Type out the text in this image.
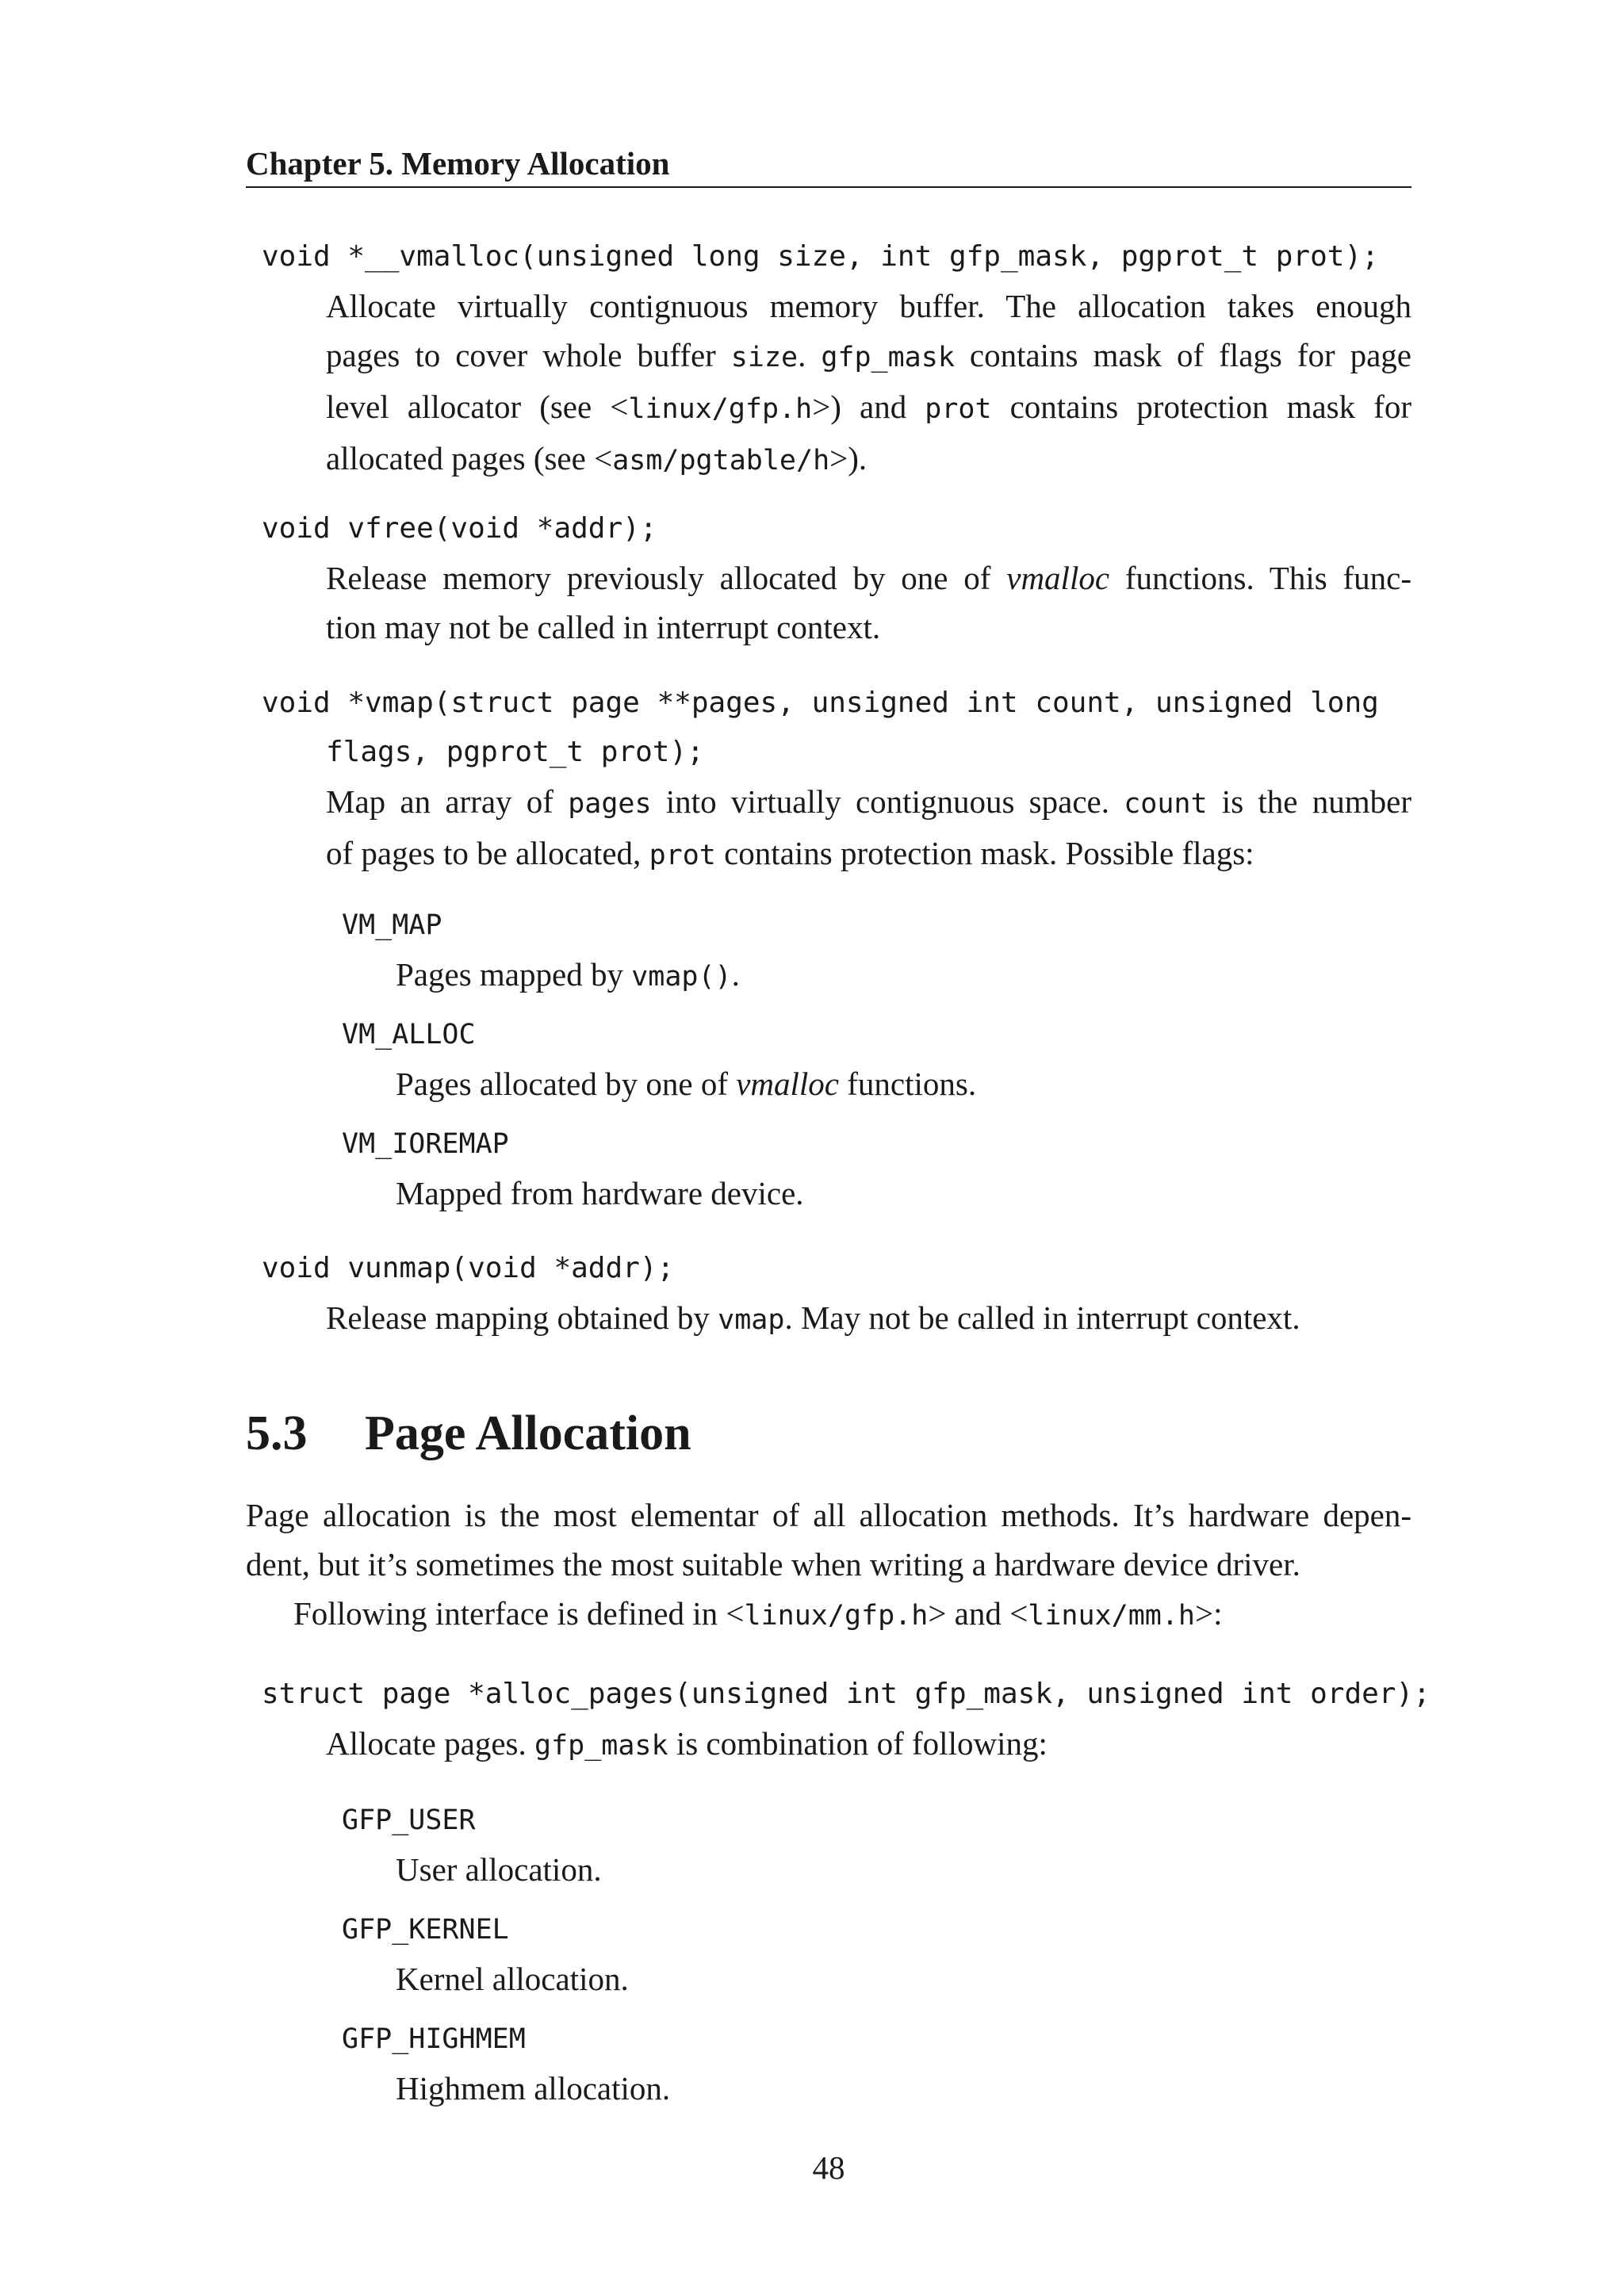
Chapter 5. Memory Allocation
void *__vmalloc(unsigned long size, int gfp_mask, pgprot_t prot);
Allocate virtually contignuous memory buffer. The allocation takes enough
pages to cover whole buffer size. gfp_mask contains mask of flags for page
level allocator (see <linux/gfp.h>) and prot contains protection mask for
allocated pages (see <asm/pgtable/h>).
void vfree(void *addr);
Release memory previously allocated by one of vmalloc functions. This func-
tion may not be called in interrupt context.
void *vmap(struct page **pages, unsigned int count, unsigned long
flags, pgprot_t prot);
Map an array of pages into virtually contignuous space. count is the number
of pages to be allocated, prot contains protection mask. Possible flags:
VM_MAP
Pages mapped by vmap().
VM_ALLOC
Pages allocated by one of vmalloc functions.
VM_IOREMAP
Mapped from hardware device.
void vunmap(void *addr);
Release mapping obtained by vmap. May not be called in interrupt context.
5.3 Page Allocation
Page allocation is the most elementar of all allocation methods. It’s hardware depen-
dent, but it’s sometimes the most suitable when writing a hardware device driver.
Following interface is defined in <linux/gfp.h> and <linux/mm.h>:
struct page *alloc_pages(unsigned int gfp_mask, unsigned int order);
Allocate pages. gfp_mask is combination of following:
GFP_USER
User allocation.
GFP_KERNEL
Kernel allocation.
GFP_HIGHMEM
Highmem allocation.
48
